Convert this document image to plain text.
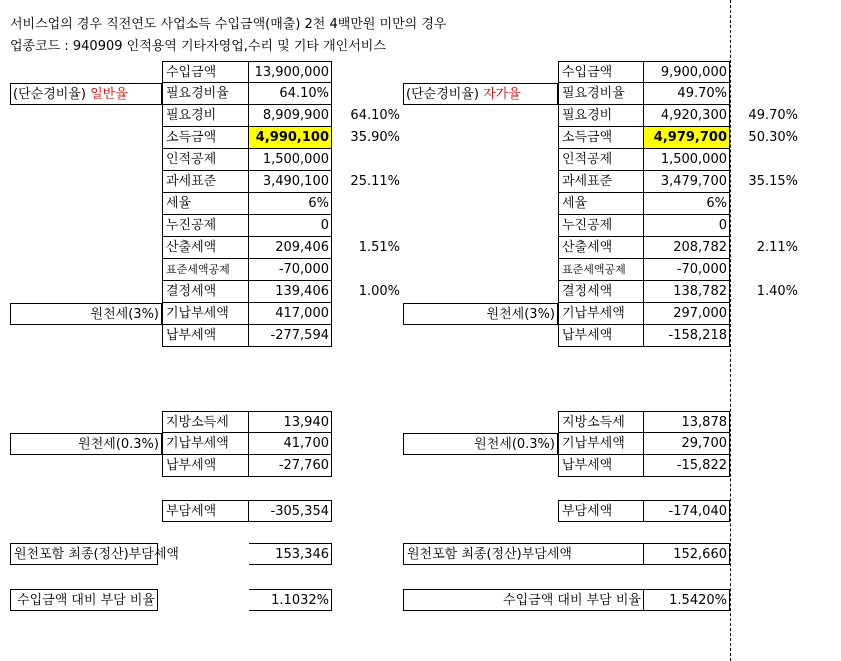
서비스업의 경우 직전연도 사업소득 수입금액(매출) 2천 4백만원 미만의 경우
업종코드 : 940909 인적용역 기타자영업,수리 및 기타 개인서비스
수입금액	13,900,000
필요경비율	64.10%
필요경비	8,909,900	64.10%
소득금액	4,990,100	35.90%
인적공제	1,500,000
과세표준	3,490,100	25.11%
세율	6%
누진공제	0
산출세액	209,406	1.51%
표준세액공제	-70,000
결정세액	139,406	1.00%
기납부세액	417,000
납부세액	-277,594
(단순경비율) 일반율
원천세(3%)
지방소득세	13,940
기납부세액	41,700
납부세액	-27,760
원천세(0.3%)
부담세액	-305,354
원천포함 최종(정산)부담세액	153,346
수입금액 대비 부담 비율	1.1032%
수입금액	9,900,000
필요경비율	49.70%
필요경비	4,920,300	49.70%
소득금액	4,979,700	50.30%
인적공제	1,500,000
과세표준	3,479,700	35.15%
세율	6%
누진공제	0
산출세액	208,782	2.11%
표준세액공제	-70,000
결정세액	138,782	1.40%
기납부세액	297,000
납부세액	-158,218
(단순경비율) 자가율
원천세(3%)
지방소득세	13,878
기납부세액	29,700
납부세액	-15,822
원천세(0.3%)
부담세액	-174,040
원천포함 최종(정산)부담세액	152,660
수입금액 대비 부담 비율	1.5420%
